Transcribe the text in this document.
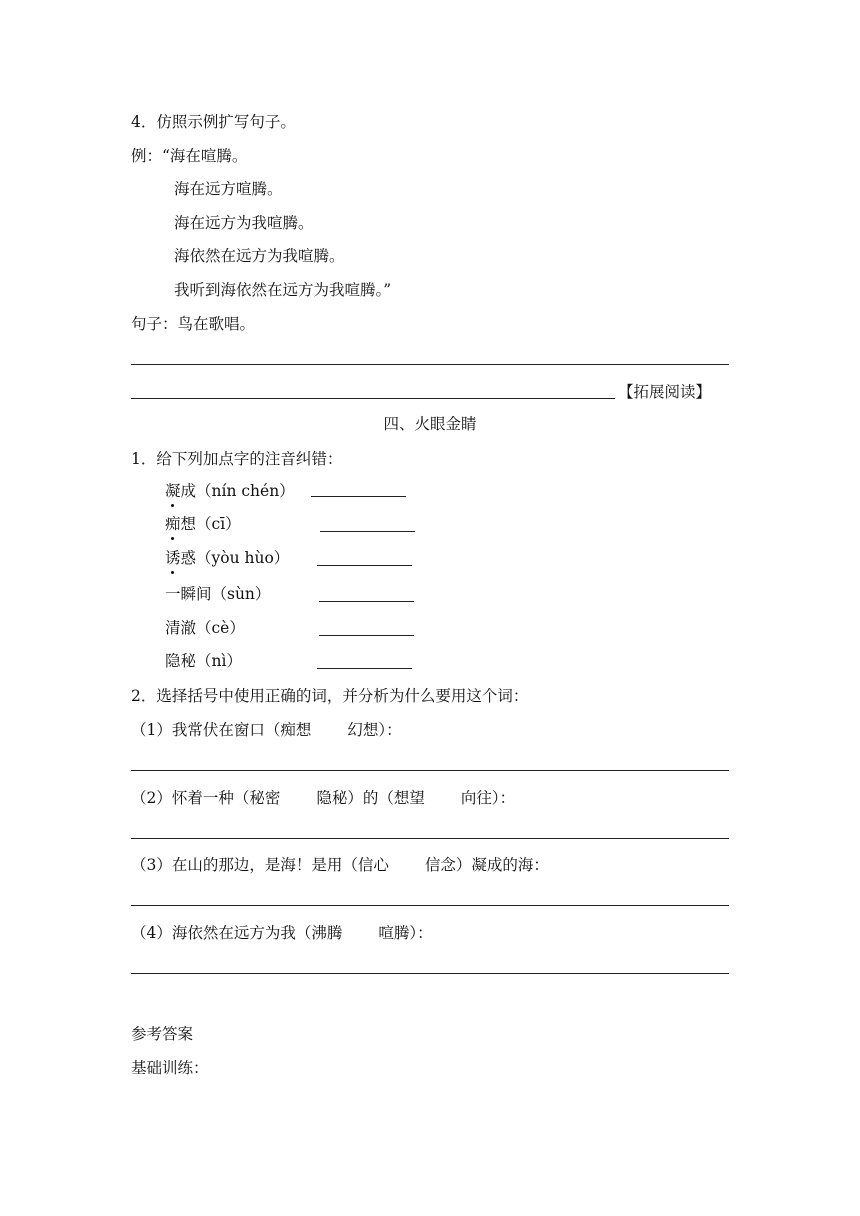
4．仿照示例扩写句子。
例：“海在喧腾。
海在远方喧腾。
海在远方为我喧腾。
海依然在远方为我喧腾。
我听到海依然在远方为我喧腾。”
句子：鸟在歌唱。
【拓展阅读】
四、火眼金睛
1．给下列加点字的注音纠错：
凝成（nín chén）
痴想（cī）
诱惑（yòu hùo）
一瞬间（sùn）
清澈（cè）
隐秘（nì）
2．选择括号中使用正确的词，并分析为什么要用这个词：
（1）我常伏在窗口（痴想 幻想）：
（2）怀着一种（秘密 隐秘）的（想望 向往）：
（3）在山的那边，是海！是用（信心 信念）凝成的海：
（4）海依然在远方为我（沸腾 喧腾）：
参考答案
基础训练：
